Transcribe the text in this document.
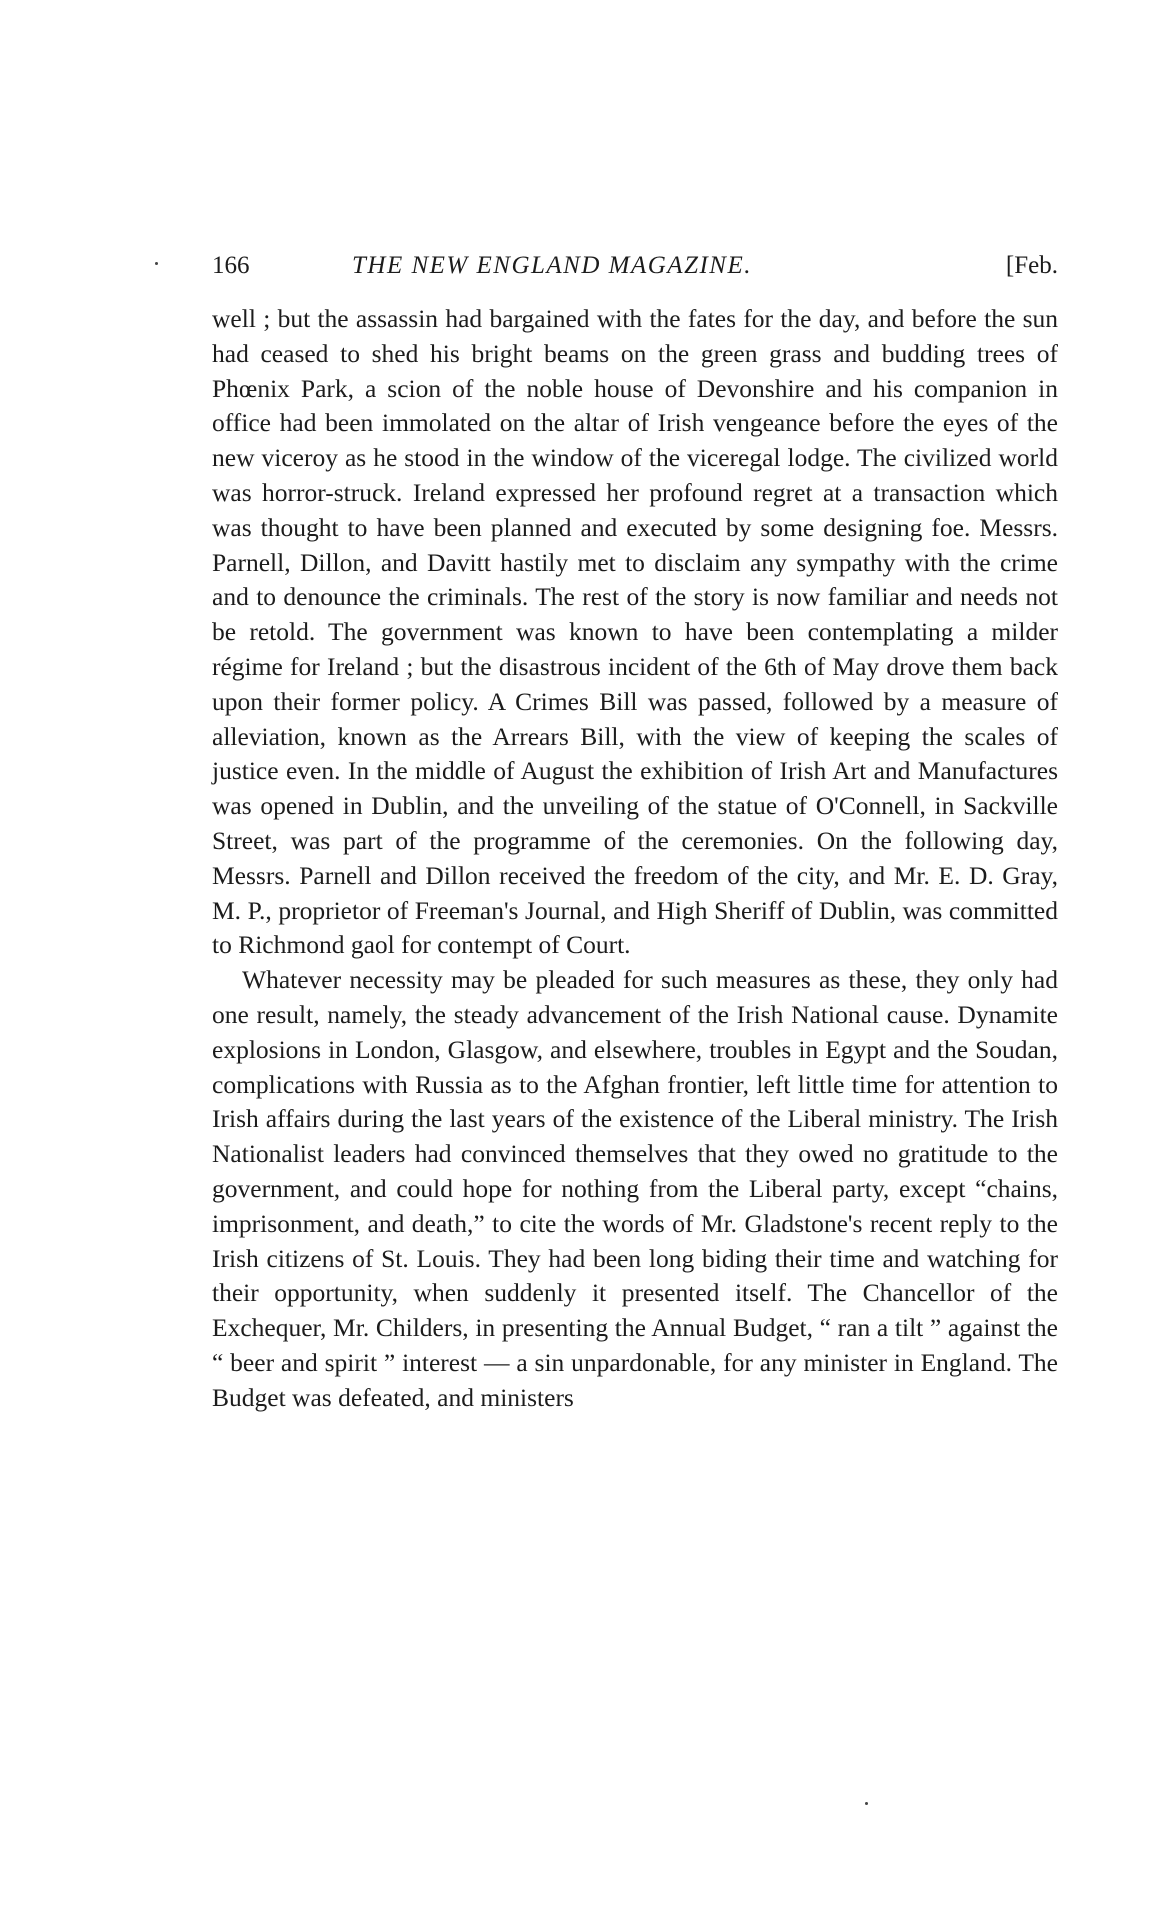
166	THE NEW ENGLAND MAGAZINE.	[Feb.

well ; but the assassin had bargained with the fates for the day, and before the sun had ceased to shed his bright beams on the green grass and budding trees of Phœnix Park, a scion of the noble house of Devonshire and his companion in office had been immolated on the altar of Irish vengeance before the eyes of the new viceroy as he stood in the window of the viceregal lodge. The civilized world was horror-struck. Ireland expressed her profound regret at a transaction which was thought to have been planned and executed by some designing foe. Messrs. Parnell, Dillon, and Davitt hastily met to disclaim any sympathy with the crime and to denounce the criminals. The rest of the story is now familiar and needs not be retold. The government was known to have been contemplating a milder régime for Ireland ; but the disastrous incident of the 6th of May drove them back upon their former policy. A Crimes Bill was passed, followed by a measure of alleviation, known as the Arrears Bill, with the view of keeping the scales of justice even. In the middle of August the exhibition of Irish Art and Manufactures was opened in Dublin, and the unveiling of the statue of O'Connell, in Sackville Street, was part of the programme of the ceremonies. On the following day, Messrs. Parnell and Dillon received the freedom of the city, and Mr. E. D. Gray, M. P., proprietor of Freeman's Journal, and High Sheriff of Dublin, was committed to Richmond gaol for contempt of Court.

Whatever necessity may be pleaded for such measures as these, they only had one result, namely, the steady advancement of the Irish National cause. Dynamite explosions in London, Glasgow, and elsewhere, troubles in Egypt and the Soudan, complications with Russia as to the Afghan frontier, left little time for attention to Irish affairs during the last years of the existence of the Liberal ministry. The Irish Nationalist leaders had convinced themselves that they owed no gratitude to the government, and could hope for nothing from the Liberal party, except “chains, imprisonment, and death,” to cite the words of Mr. Gladstone's recent reply to the Irish citizens of St. Louis. They had been long biding their time and watching for their opportunity, when suddenly it presented itself. The Chancellor of the Exchequer, Mr. Childers, in presenting the Annual Budget, “ ran a tilt ” against the “ beer and spirit ” interest — a sin unpardonable, for any minister in England. The Budget was defeated, and ministers
